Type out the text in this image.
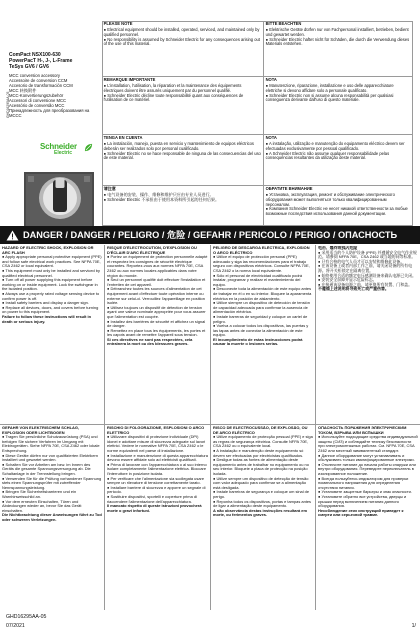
GHD16295AA-05
ComPact NSX100-630
PowerPacT H-, J-, L-Frame
TeSys GV6 / GV6
MCC conversion accessory
Accessoire de conversion CCM
Accesorio de transformación CCM
MCC 转换附件
MCC-Konvertierungszubehör
Accessori di conversione MCC
Acessório de conversão MCC
Принадлежность для преобразования на МССС
Schneider
Electric
PLEASE NOTE
● Electrical equipment should be installed, operated, serviced, and maintained only by qualified personnel.
● No responsibility is assumed by Schneider Electric for any consequences arising out of the use of this material.
BITTE BEACHTEN
● Elektrische Geräte dürfen nur von Fachpersonal installiert, betrieben, bedient und gewartet werden.
● Schneider Electric haftet nicht für Schäden, die durch die Verwendung dieses Materials entstehen.
REMARQUE IMPORTANTE
● L'installation, l'utilisation, la réparation et la maintenance des équipements électriques doivent être assurés uniquement par du personnel qualifié.
● Schneider Electric décline toute responsabilité quant aux conséquences de l'utilisation de ce matériel.
NOTA
● Manutenzione, riparazione, installazione e uso delle apparecchiature elettriche si devono affidare solo a personale qualificato.
● Schneider Electric non si assume alcuna responsabilità per qualsiasi conseguenza derivante dall'uso di questo materiale.
TENGA EN CUENTA
● La instalación, manejo, puesta en servicio y mantenimiento de equipos eléctricos deberán ser realizados solo por personal cualificado.
● Schneider Electric no se hace responsable de ninguna de las consecuencias del uso de este material.
NOTA
● A instalação, utilização e manutenção do equipamento eléctrico devem ser efectuadas exclusivamente por pessoal qualificado.
● A Schneider Electric não assume qualquer responsabilidade pelas consequências resultantes da utilização deste material.
请注意
● 电气设备的安装、操作、维修和维护只应由专业人员进行。
● Schneider Electric 不承担由于使用本资料所引起的任何后果。
ОБРАТИТЕ ВНИМАНИЕ
● Установка, эксплуатация, ремонт и обслуживание электрического оборудования может выполняться только квалифицированным персоналом.
● Компания Schneider Electric не несет никакой ответственности за любые возможные последствия использования данной документации.
DANGER / DANGER / PELIGRO / 危险 / GEFAHR / PERICOLO / PERIGO / ОПАСНОСТЬ
HAZARD OF ELECTRIC SHOCK, EXPLOSION OR ARC FLASH
● Apply appropriate personal protective equipment (PPE) and follow safe electrical work practices. See NFPA 70E, CSA Z462 or local equivalent.
● This equipment must only be installed and serviced by qualified electrical personnel.
● Turn off all power supplying this equipment before working on or inside equipment. Lock the switchgear in the isolated position.
● Always use a properly rated voltage sensing device to confirm power is off.
● Install safety barriers and display a danger sign.
● Replace all devices, doors, and covers before turning on power to this equipment.
Failure to follow these instructions will result in death or serious injury.
RISQUE D'ÉLECTROCUTION, D'EXPLOSION OU D'ÉCLAIR D'ARC ÉLECTRIQUE
● Portez un équipement de protection personnelle adapté et respectez les consignes de sécurité électrique courantes. Reportez-vous aux normes NFPA 70E, CSA Z462 ou aux normes locales applicables dans votre région du monde.
● Seul un personnel qualifié doit effectuer l'installation et l'entretien de cet appareil.
● Débranchez toutes les sources d'alimentation de cet équipement avant d'effectuer toute opération interne ou externe sur celui-ci. Verrouillez l'appareillage en position isolée.
● Utilisez toujours un dispositif de détection de tension ayant une valeur nominale appropriée pour vous assurer que l'alimentation est coupée.
● Installez des barrières de sécurité et affichez un signal de danger.
● Remettez en place tous les équipements, les portes et les capots avant de remettre l'appareil sous tension.
Si ces directives ne sont pas respectées, cela entraînera la mort ou des blessures graves.
PELIGRO DE DESCARGA ELÉCTRICA, EXPLOSIÓN O ARCO ELÉCTRICO
● Utilice el equipo de protección personal (PPE) adecuado y siga las recomendaciones para el trabajo seguro con dispositivos eléctricos. Consulte NFPA 70E, CSA Z462 o la norma local equivalente.
● Sólo el personal de electricidad cualificado podrá instalar, programar y realizar el mantenimiento del equipo.
● Desconecte toda la alimentación de este equipo antes de trabajar en él o en su interior. Bloquee la aparamenta eléctrica en la posición de aislamiento.
● Utilice siempre un dispositivo de detección de tensión de capacidad adecuada para confirmar la ausencia de alimentación eléctrica.
● Instale barreras de seguridad y coloque un cartel de peligro.
● Vuelva a colocar todos los dispositivos, las puertas y las tapas antes de conectar la alimentación de este equipo.
El incumplimiento de estas instrucciones podrá causar la muerte o lesiones serias.
电击、爆炸或弧闪危险
● 采用适当的个人防护设备 (PPE) 并遵循安全电气作业规范。请参阅 NFPA 70E、CSA Z462 或当地的同等标准。
● 只有合格的电气人员才可以安装和维修此设备。
● 在该设备上或者内部工作之前，请关闭设备的所有电源。将开关柜锁定在隔离位置。
● 始终使用合适的额定电压感测设备来确认电源已关闭。
● 安装安全屏障并显示危险标志。
● 在接通该设备电源之前，请更换所有装置、门和盖。
不遵循上述说明将导致死亡或严重伤害。
GEFAHR VON ELEKTRISCHEM SCHLAG, EXPLOSION ODER LICHTBOGEN
● Tragen Sie persönliche Schutzausrüstung (PSA) und befolgen Sie sichere Verfahren im Umgang mit Elektrogeräten. Siehe NFPA 70E, CSA Z462 oder lokale Entsprechung.
● Diese Geräte dürfen nur von qualifizierten Elektrikern installiert und gewartet werden.
● Schalten Sie vor Arbeiten am bzw. im Innern des Geräts die gesamte Spannungsversorgung ab. Die Schaltanlage in der Trennstellung bringen.
● Verwenden Sie für die Prüfung vorhandener Spannung stets einen Spannungsprüfer mit zutreffender Nennspannungsleistung.
● Bringen Sie Sicherheitsbarrieren und ein Warnhinweisschild an.
● Vor dem erneuten Einschalten, Türen und Abdeckungen wieder an, bevor Sie das Gerät einschalten.
Die Nichtbeachtung dieser Anweisungen führt zu Tod oder schweren Verletzungen.
RISCHIO DI FOLGORAZIONE, ESPLOSIONI O ARCO ELETTRICO
● Utilizzare dispositivi di protezione individuale (DPI) idonei e adottare misure di sicurezza adeguate sul lavori elettrici. Vedere le normative NFPA 70E, CSA Z462 o le norme equivalenti nel paese di installazione.
● Installazione e manutenzione di questa apparecchiatura devono essere affidate solo ad elettricisti qualificati.
● Prima di lavorare con l'apparecchiatura o al suo interno isolare completamente l'alimentazione elettrica. Bloccare l'interruttore in posizione isolata.
● Per verificare che l'alimentazione sia scollegata usare sempre un rilevatore di tensione correttamente tarato.
● Installare barriere di sicurezza e apporre un segnale di pericolo.
● Sostituire dispositivi, sportelli e coperture prima di riaccendere l'alimentazione dell'apparecchiatura.
Il mancato rispetto di queste istruzioni provocherà morte o gravi infortuni.
RISCO DE ELECTROCUSSÃO, DE EXPLOSÃO, OU DE ARCO ELÉCTRICO
● Utilize equipamento de protecção pessoal (PPE) e siga as regras de segurança eléctrica. Consulte NFPA 70E, CSA Z462 ou o equivalente local.
● A instalação e manutenção deste equipamento só devem ser efectuadas por electricistas qualificados.
● Desligue todas as fontes de alimentação deste equipamento antes de trabalhar no equipamento ou no seu interior. Bloqueie a placa de protecção na posição isolada.
● Utilize sempre um dispositivo de detecção de tensão com valor adequado para confirmar se a alimentação está desligada.
● Instale barreiras de segurança e coloque um sinal de perigo.
● Reponha todos os dispositivos, portas e tampas antes de ligar a alimentação deste equipamento.
A não observância destas instruções resultará em morte, ou ferimentos graves.
ОПАСНОСТЬ ПОРАЖЕНИЯ ЭЛЕКТРИЧЕСКИМ ТОКОМ, ВЗРЫВА ИЛИ ВСПЫШКИ
● Используйте подходящие средства индивидуальной защиты (СИЗ) и соблюдайте технику безопасности при электромонтажных работах. См. NFPA 70E, CSA Z462 или местный эквивалентный стандарт.
● Данное оборудование могут устанавливать и обслуживать только квалифицированные электрики.
● Отключите питание до начала работы снаружи или внутри оборудования. Переведите переключатель в изолированное положение.
● Всегда пользуйтесь индикатором для проверки номинального напряжения для определения отсутствия питания.
● Установите защитные барьеры и знак опасности.
● Установите обратно все устройства, дверцы и крышки перед включением питания данного оборудования.
Несоблюдение этих инструкций приведет к смерти или серьезной травме.
GHD16295AA-05
07/2021	1/
